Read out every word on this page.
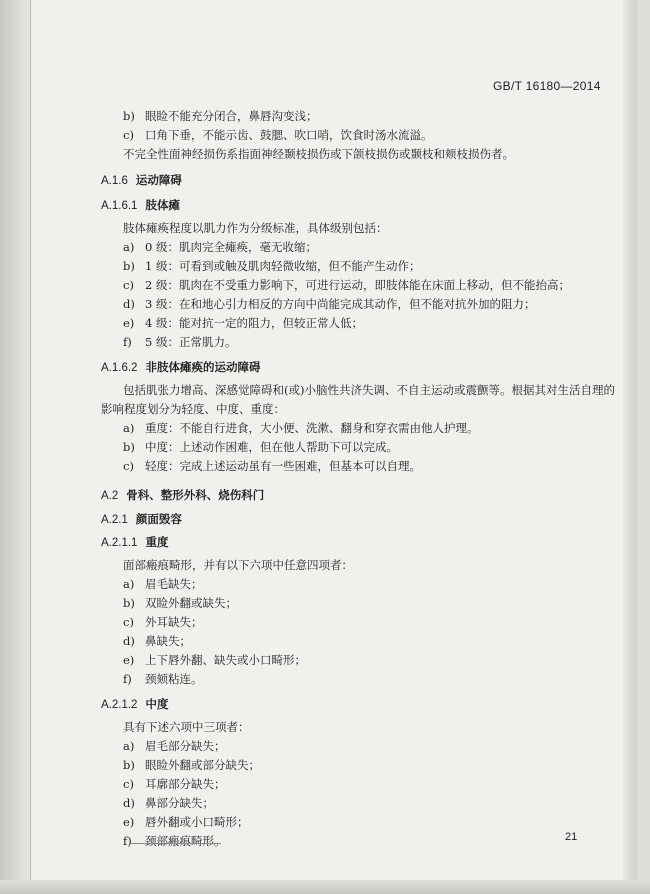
GB/T 16180—2014
b) 眼睑不能充分闭合，鼻唇沟变浅；
c) 口角下垂，不能示齿、鼓腮、吹口哨，饮食时汤水流溢。
不完全性面神经损伤系指面神经颞枝损伤或下颌枝损伤或颞枝和颊枝损伤者。
A.1.6 运动障碍
A.1.6.1 肢体瘫
肢体瘫痪程度以肌力作为分级标准，具体级别包括：
a) 0 级：肌肉完全瘫痪，毫无收缩；
b) 1 级：可看到或触及肌肉轻微收缩，但不能产生动作；
c) 2 级：肌肉在不受重力影响下，可进行运动，即肢体能在床面上移动，但不能抬高；
d) 3 级：在和地心引力相反的方向中尚能完成其动作，但不能对抗外加的阻力；
e) 4 级：能对抗一定的阻力，但较正常人低；
f) 5 级：正常肌力。
A.1.6.2 非肢体瘫痪的运动障碍
包括肌张力增高、深感觉障碍和(或)小脑性共济失调、不自主运动或震颤等。根据其对生活自理的
影响程度划分为轻度、中度、重度：
a) 重度：不能自行进食，大小便、洗漱、翻身和穿衣需由他人护理。
b) 中度：上述动作困难，但在他人帮助下可以完成。
c) 轻度：完成上述运动虽有一些困难，但基本可以自理。
A.2 骨科、整形外科、烧伤科门
A.2.1 颜面毁容
A.2.1.1 重度
面部瘢痕畸形，并有以下六项中任意四项者：
a) 眉毛缺失；
b) 双睑外翻或缺失；
c) 外耳缺失；
d) 鼻缺失；
e) 上下唇外翻、缺失或小口畸形；
f) 颈颏粘连。
A.2.1.2 中度
具有下述六项中三项者：
a) 眉毛部分缺失；
b) 眼睑外翻或部分缺失；
c) 耳廓部分缺失；
d) 鼻部分缺失；
e) 唇外翻或小口畸形；
f) 颈部瘢痕畸形。	21
